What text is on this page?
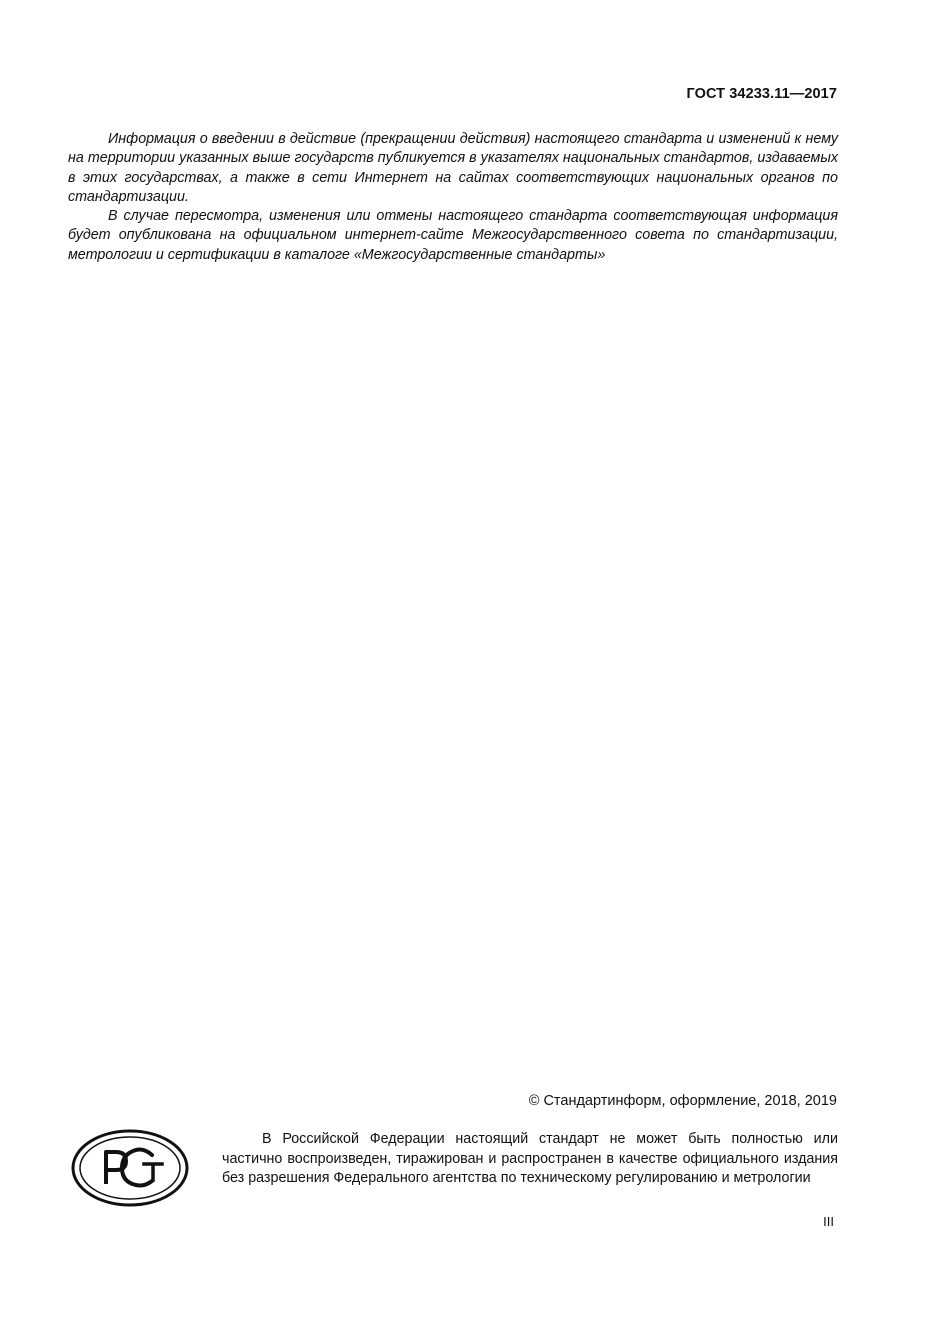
ГОСТ 34233.11—2017

Информация о введении в действие (прекращении действия) настоящего стандарта и изменений к нему на территории указанных выше государств публикуется в указателях национальных стандартов, издаваемых в этих государствах, а также в сети Интернет на сайтах соответствующих национальных органов по стандартизации.

В случае пересмотра, изменения или отмены настоящего стандарта соответствующая информация будет опубликована на официальном интернет-сайте Межгосударственного совета по стандартизации, метрологии и сертификации в каталоге «Межгосударственные стандарты»

© Стандартинформ, оформление, 2018, 2019

В Российской Федерации настоящий стандарт не может быть полностью или частично воспроизведен, тиражирован и распространен в качестве официального издания без разрешения Федерального агентства по техническому регулированию и метрологии

III
